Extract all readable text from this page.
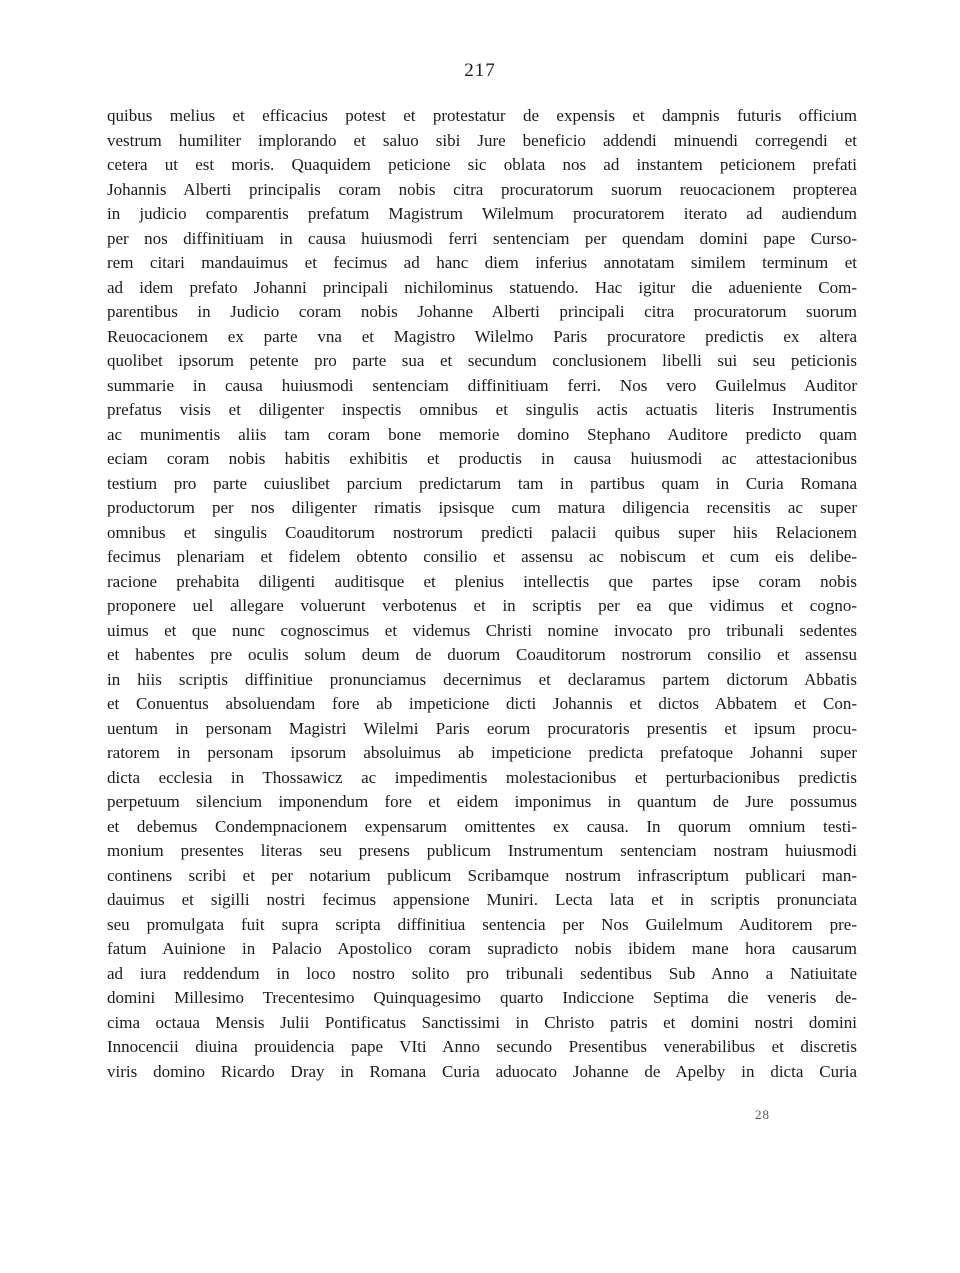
217
quibus melius et efficacius potest et protestatur de expensis et dampnis futuris officium
vestrum humiliter implorando et saluo sibi Jure beneficio addendi minuendi corregendi et
cetera ut est moris. Quaquidem peticione sic oblata nos ad instantem peticionem prefati
Johannis Alberti principalis coram nobis citra procuratorum suorum reuocacionem propterea
in judicio comparentis prefatum Magistrum Wilelmum procuratorem iterato ad audiendum
per nos diffinitiuam in causa huiusmodi ferri sentenciam per quendam domini pape Curso-
rem citari mandauimus et fecimus ad hanc diem inferius annotatam similem terminum et
ad idem prefato Johanni principali nichilominus statuendo. Hac igitur die adueniente Com-
parentibus in Judicio coram nobis Johanne Alberti principali citra procuratorum suorum
Reuocacionem ex parte vna et Magistro Wilelmo Paris procuratore predictis ex altera
quolibet ipsorum petente pro parte sua et secundum conclusionem libelli sui seu peticionis
summarie in causa huiusmodi sentenciam diffinitiuam ferri. Nos vero Guilelmus Auditor
prefatus visis et diligenter inspectis omnibus et singulis actis actuatis literis Instrumentis
ac munimentis aliis tam coram bone memorie domino Stephano Auditore predicto quam
eciam coram nobis habitis exhibitis et productis in causa huiusmodi ac attestacionibus
testium pro parte cuiuslibet parcium predictarum tam in partibus quam in Curia Romana
productorum per nos diligenter rimatis ipsisque cum matura diligencia recensitis ac super
omnibus et singulis Coauditorum nostrorum predicti palacii quibus super hiis Relacionem
fecimus plenariam et fidelem obtento consilio et assensu ac nobiscum et cum eis delibe-
racione prehabita diligenti auditisque et plenius intellectis que partes ipse coram nobis
proponere uel allegare voluerunt verbotenus et in scriptis per ea que vidimus et cogno-
uimus et que nunc cognoscimus et videmus Christi nomine invocato pro tribunali sedentes
et habentes pre oculis solum deum de duorum Coauditorum nostrorum consilio et assensu
in hiis scriptis diffinitiue pronunciamus decernimus et declaramus partem dictorum Abbatis
et Conuentus absoluendam fore ab impeticione dicti Johannis et dictos Abbatem et Con-
uentum in personam Magistri Wilelmi Paris eorum procuratoris presentis et ipsum procu-
ratorem in personam ipsorum absoluimus ab impeticione predicta prefatoque Johanni super
dicta ecclesia in Thossawicz ac impedimentis molestacionibus et perturbacionibus predictis
perpetuum silencium imponendum fore et eidem imponimus in quantum de Jure possumus
et debemus Condempnacionem expensarum omittentes ex causa. In quorum omnium testi-
monium presentes literas seu presens publicum Instrumentum sentenciam nostram huiusmodi
continens scribi et per notarium publicum Scribamque nostrum infrascriptum publicari man-
dauimus et sigilli nostri fecimus appensione Muniri. Lecta lata et in scriptis pronunciata
seu promulgata fuit supra scripta diffinitiua sentencia per Nos Guilelmum Auditorem pre-
fatum Auinione in Palacio Apostolico coram supradicto nobis ibidem mane hora causarum
ad iura reddendum in loco nostro solito pro tribunali sedentibus Sub Anno a Natiuitate
domini Millesimo Trecentesimo Quinquagesimo quarto Indiccione Septima die veneris de-
cima octaua Mensis Julii Pontificatus Sanctissimi in Christo patris et domini nostri domini
Innocencii diuina prouidencia pape VIti Anno secundo Presentibus venerabilibus et discretis
viris domino Ricardo Dray in Romana Curia aduocato Johanne de Apelby in dicta Curia
28
